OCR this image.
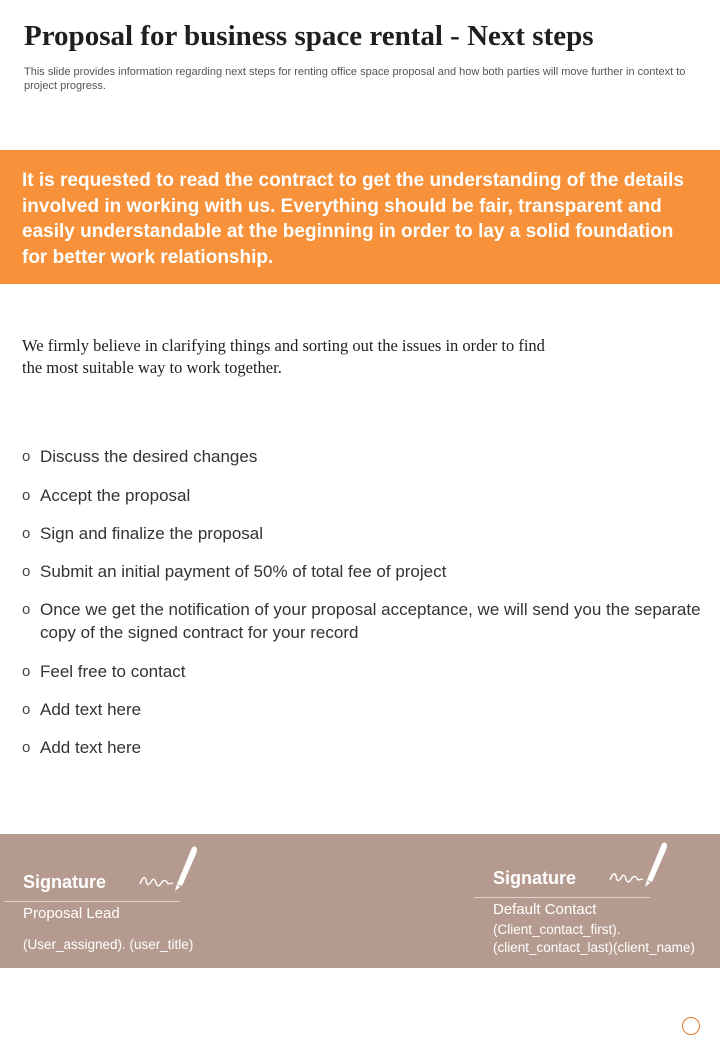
Proposal for business space rental - Next steps

This slide provides information regarding next steps for renting office space proposal and how both parties will move further in context to project progress.

It is requested to read the contract to get the understanding of the details involved in working with us. Everything should be fair, transparent and easily understandable at the beginning in order to lay a solid foundation for better work relationship.

We firmly believe in clarifying things and sorting out the issues in order to find the most suitable way to work together.

o Discuss the desired changes
o Accept the proposal
o Sign and finalize the proposal
o Submit an initial payment of 50% of total fee of project
o Once we get the notification of your proposal acceptance, we will send you the separate copy of the signed contract for your record
o Feel free to contact
o Add text here
o Add text here
Signature
Proposal Lead
(User_assigned). (user_title)
Signature
Default Contact
(Client_contact_first). (client_contact_last)(client_name)
